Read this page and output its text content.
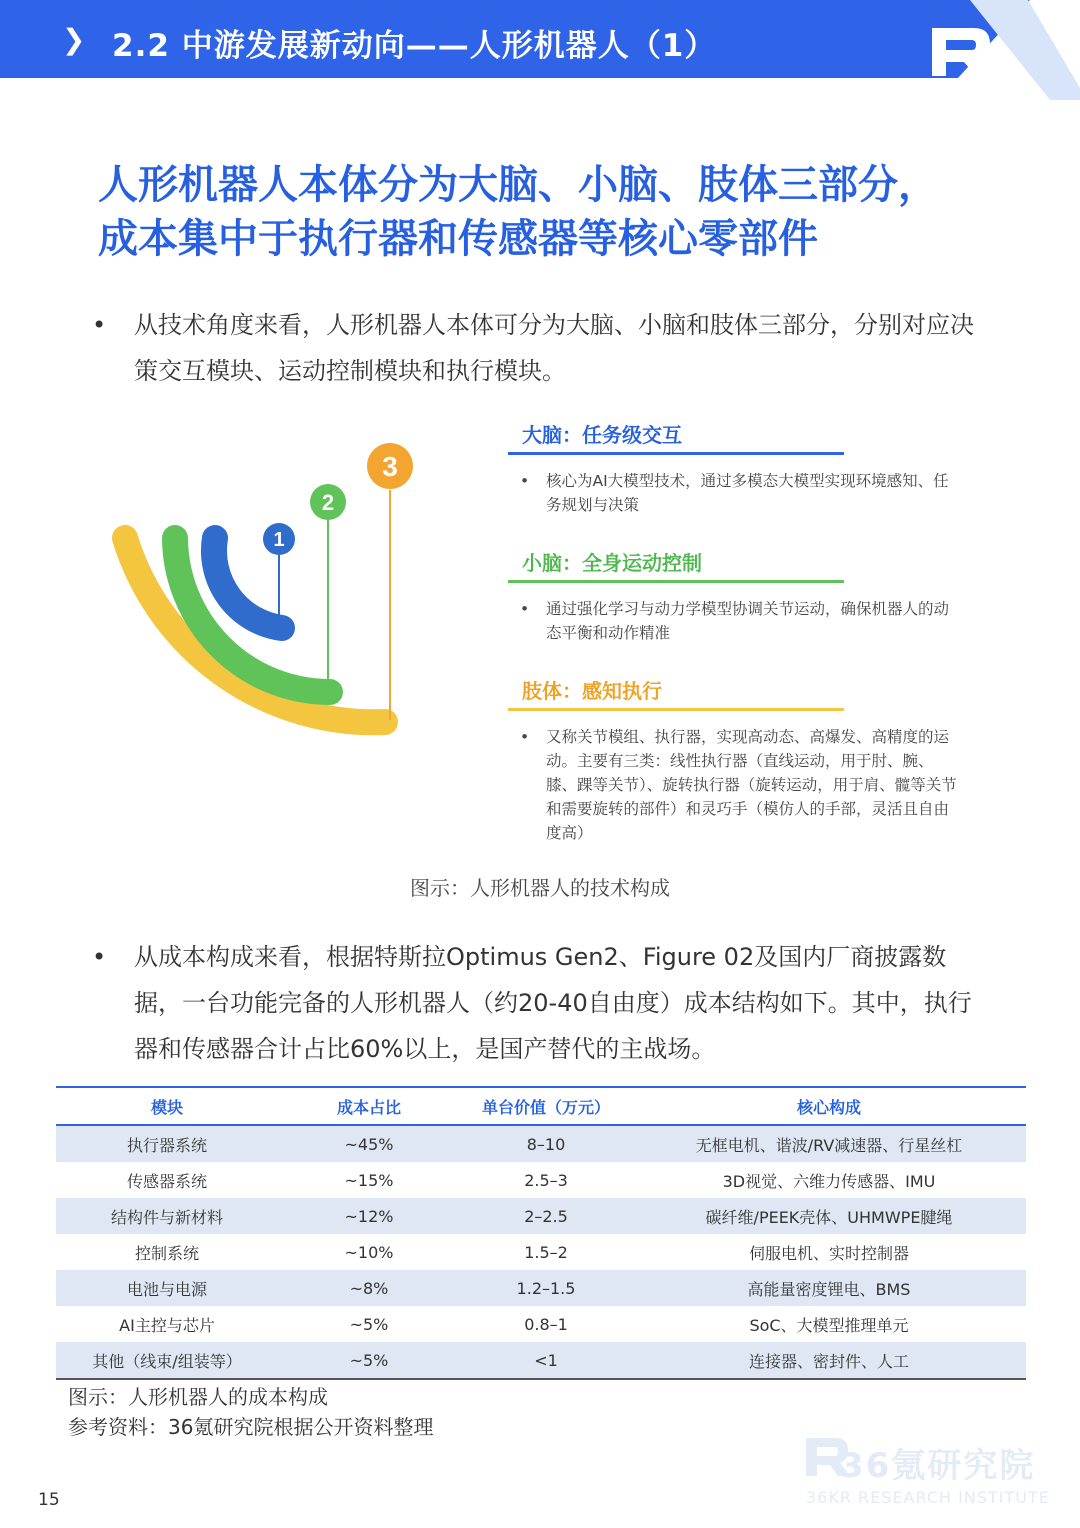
❯ 2.2 中游发展新动向——人形机器人（1）
人形机器人本体分为大脑、小脑、肢体三部分，
成本集中于执行器和传感器等核心零部件
• 从技术角度来看，人形机器人本体可分为大脑、小脑和肢体三部分，分别对应决策交互模块、运动控制模块和执行模块。
1
2
3
大脑：任务级交互
• 核心为AI大模型技术，通过多模态大模型实现环境感知、任务规划与决策
小脑：全身运动控制
• 通过强化学习与动力学模型协调关节运动，确保机器人的动态平衡和动作精准
肢体：感知执行
• 又称关节模组、执行器，实现高动态、高爆发、高精度的运动。主要有三类：线性执行器（直线运动，用于肘、腕、膝、踝等关节）、旋转执行器（旋转运动，用于肩、髋等关节和需要旋转的部件）和灵巧手（模仿人的手部，灵活且自由度高）
图示：人形机器人的技术构成
• 从成本构成来看，根据特斯拉Optimus Gen2、Figure 02及国内厂商披露数据，一台功能完备的人形机器人（约20-40自由度）成本结构如下。其中，执行器和传感器合计占比60%以上，是国产替代的主战场。
模块	成本占比	单台价值（万元）	核心构成
执行器系统	~45%	8–10	无框电机、谐波/RV减速器、行星丝杠
传感器系统	~15%	2.5–3	3D视觉、六维力传感器、IMU
结构件与新材料	~12%	2–2.5	碳纤维/PEEK壳体、UHMWPE腱绳
控制系统	~10%	1.5–2	伺服电机、实时控制器
电池与电源	~8%	1.2–1.5	高能量密度锂电、BMS
AI主控与芯片	~5%	0.8–1	SoC、大模型推理单元
其他（线束/组装等）	~5%	<1	连接器、密封件、人工
图示：人形机器人的成本构成
参考资料：36氪研究院根据公开资料整理
15
36氪研究院
36KR RESEARCH INSTITUTE
